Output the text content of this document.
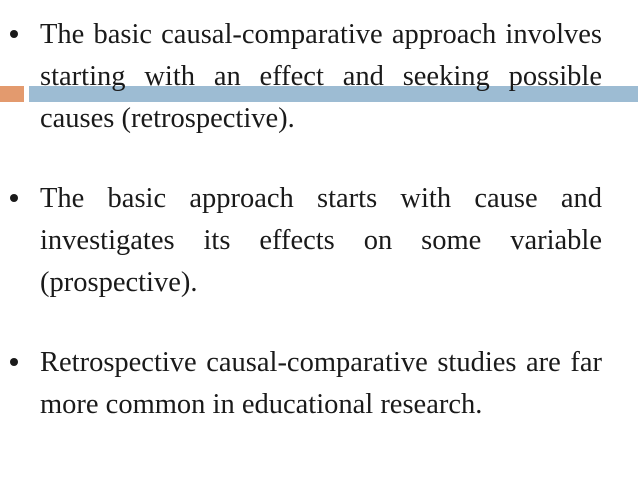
The basic causal-comparative approach involves starting with an effect and seeking possible causes (retrospective).
The basic approach starts with cause and investigates its effects on some variable (prospective).
Retrospective causal-comparative studies are far more common in educational research.
